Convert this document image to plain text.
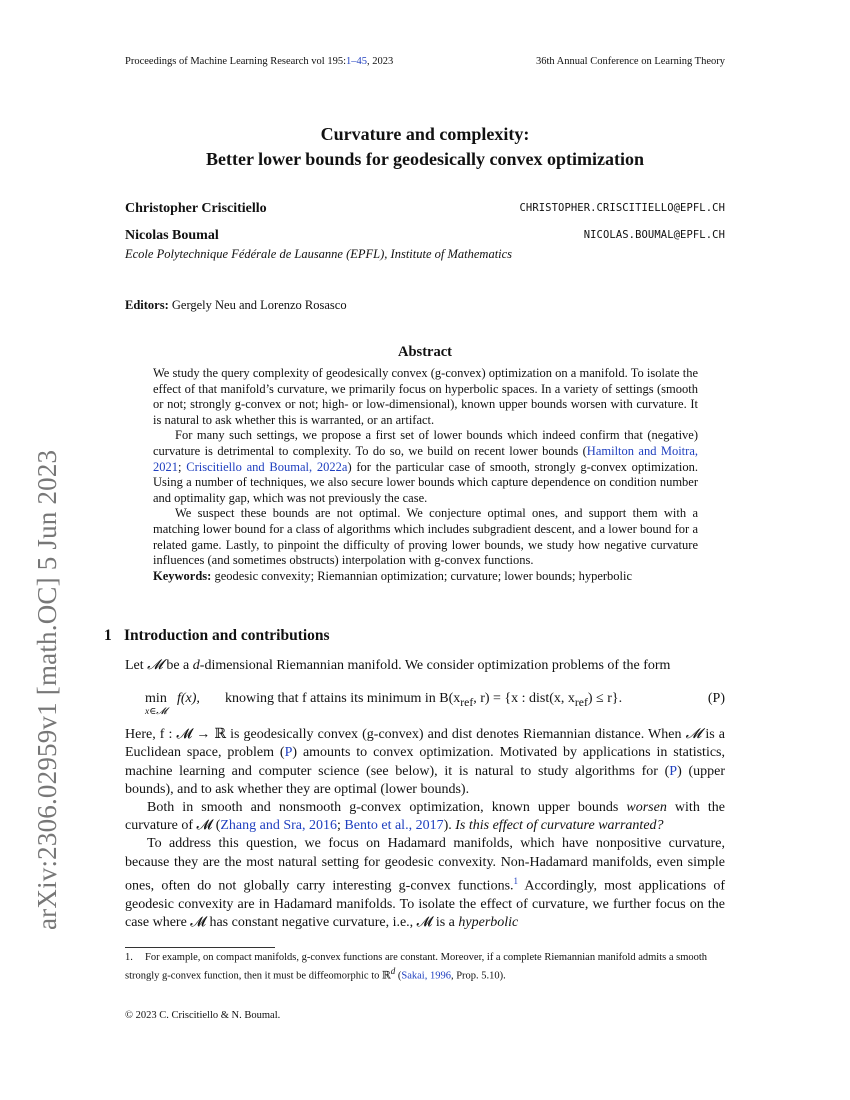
Proceedings of Machine Learning Research vol 195:1–45, 2023	36th Annual Conference on Learning Theory
arXiv:2306.02959v1 [math.OC] 5 Jun 2023
Curvature and complexity:
Better lower bounds for geodesically convex optimization
Christopher Criscitiello	CHRISTOPHER.CRISCITIELLO@EPFL.CH
Nicolas Boumal	NICOLAS.BOUMAL@EPFL.CH
Ecole Polytechnique Fédérale de Lausanne (EPFL), Institute of Mathematics
Editors: Gergely Neu and Lorenzo Rosasco
Abstract

We study the query complexity of geodesically convex (g-convex) optimization on a manifold. To isolate the effect of that manifold’s curvature, we primarily focus on hyperbolic spaces. In a variety of settings (smooth or not; strongly g-convex or not; high- or low-dimensional), known upper bounds worsen with curvature. It is natural to ask whether this is warranted, or an artifact.

For many such settings, we propose a first set of lower bounds which indeed confirm that (negative) curvature is detrimental to complexity. To do so, we build on recent lower bounds (Hamilton and Moitra, 2021; Criscitiello and Boumal, 2022a) for the particular case of smooth, strongly g-convex optimization. Using a number of techniques, we also secure lower bounds which capture dependence on condition number and optimality gap, which was not previously the case.

We suspect these bounds are not optimal. We conjecture optimal ones, and support them with a matching lower bound for a class of algorithms which includes subgradient descent, and a lower bound for a related game. Lastly, to pinpoint the difficulty of proving lower bounds, we study how negative curvature influences (and sometimes obstructs) interpolation with g-convex functions.

Keywords: geodesic convexity; Riemannian optimization; curvature; lower bounds; hyperbolic
1 Introduction and contributions

Let 𝓜 be a d-dimensional Riemannian manifold. We consider optimization problems of the form

min
x∈𝓜
f(x), knowing that f attains its minimum in $B(x_{ref}$, r) = {x : dist(x, $x_{ref}) \le r$}.	(P)

Here, f : 𝓜 → ℝ is geodesically convex (g-convex) and dist denotes Riemannian distance. When 𝓜 is a Euclidean space, problem (P) amounts to convex optimization. Motivated by applications in statistics, machine learning and computer science (see below), it is natural to study algorithms for (P) (upper bounds), and to ask whether they are optimal (lower bounds).

Both in smooth and nonsmooth g-convex optimization, known upper bounds worsen with the curvature of 𝓜 (Zhang and Sra, 2016; Bento et al., 2017). Is this effect of curvature warranted?

To address this question, we focus on Hadamard manifolds, which have nonpositive curvature, because they are the most natural setting for geodesic convexity. Non-Hadamard manifolds, even simple ones, often do not globally carry interesting g-convex functions.$^1$ Accordingly, most applications of geodesic convexity are in Hadamard manifolds. To isolate the effect of curvature, we further focus on the case where 𝓜 has constant negative curvature, i.e., 𝓜 is a hyperbolic

1. For example, on compact manifolds, g-convex functions are constant. Moreover, if a complete Riemannian manifold admits a smooth strongly g-convex function, then it must be diffeomorphic to ℝ$^d$ (Sakai, 1996, Prop. 5.10).
© 2023 C. Criscitiello & N. Boumal.
